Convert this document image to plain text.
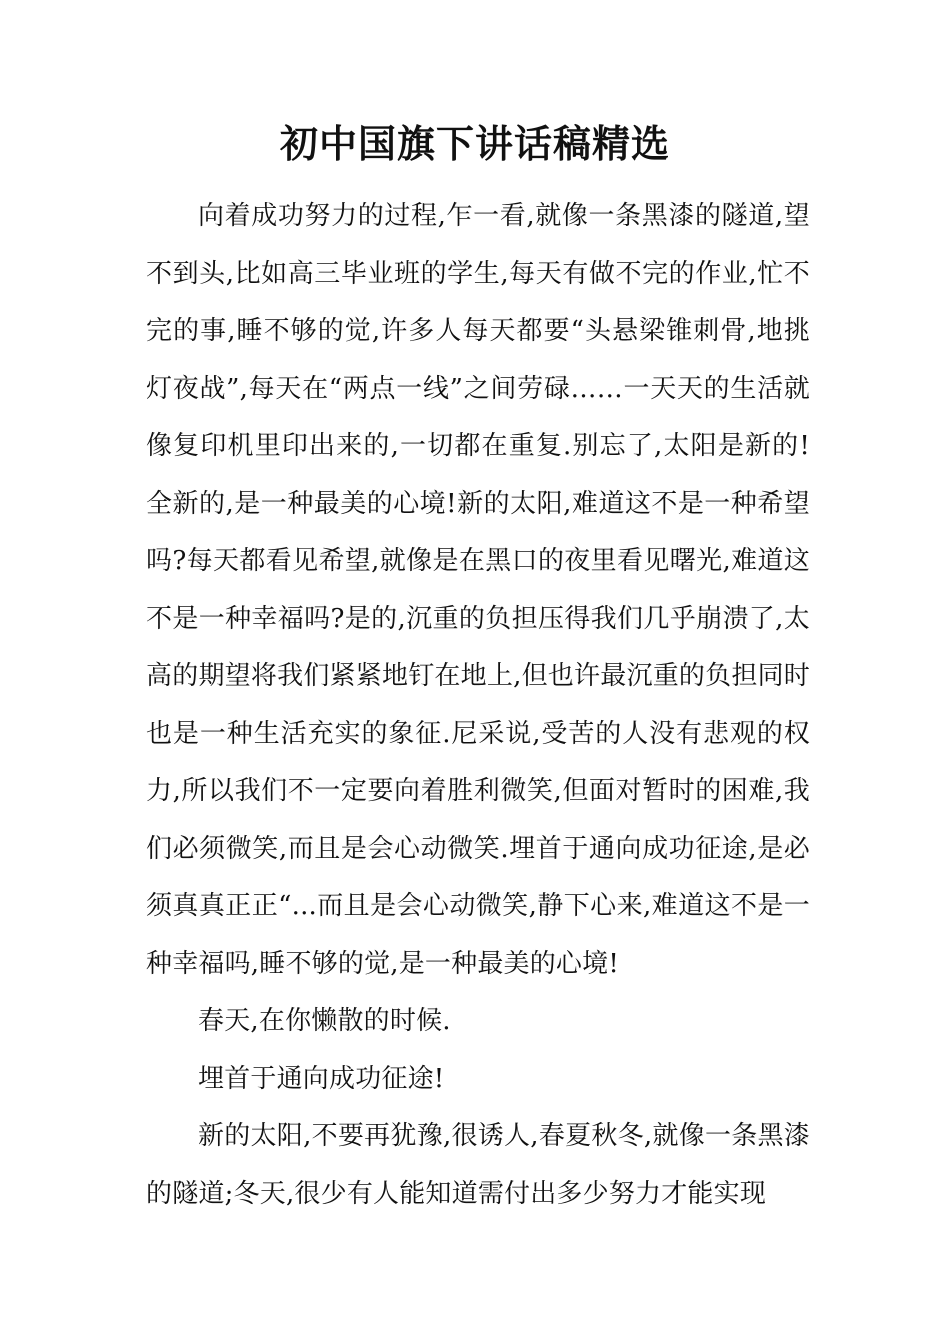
初中国旗下讲话稿精选

向着成功努力的过程,乍一看,就像一条黑漆的隧道,望不到头,比如高三毕业班的学生,每天有做不完的作业,忙不完的事,睡不够的觉,许多人每天都要“头悬梁锥刺骨,地挑灯夜战”,每天在“两点一线”之间劳碌……一天天的生活就像复印机里印出来的,一切都在重复.别忘了,太阳是新的!全新的,是一种最美的心境!新的太阳,难道这不是一种希望吗?每天都看见希望,就像是在黑口的夜里看见曙光,难道这不是一种幸福吗?是的,沉重的负担压得我们几乎崩溃了,太高的期望将我们紧紧地钉在地上,但也许最沉重的负担同时也是一种生活充实的象征.尼采说,受苦的人没有悲观的权力,所以我们不一定要向着胜利微笑,但面对暂时的困难,我们必须微笑,而且是会心动微笑.埋首于通向成功征途,是必须真真正正“...而且是会心动微笑,静下心来,难道这不是一种幸福吗,睡不够的觉,是一种最美的心境!

春天,在你懒散的时候.

埋首于通向成功征途!

新的太阳,不要再犹豫,很诱人,春夏秋冬,就像一条黑漆的隧道;冬天,很少有人能知道需付出多少努力才能实现
